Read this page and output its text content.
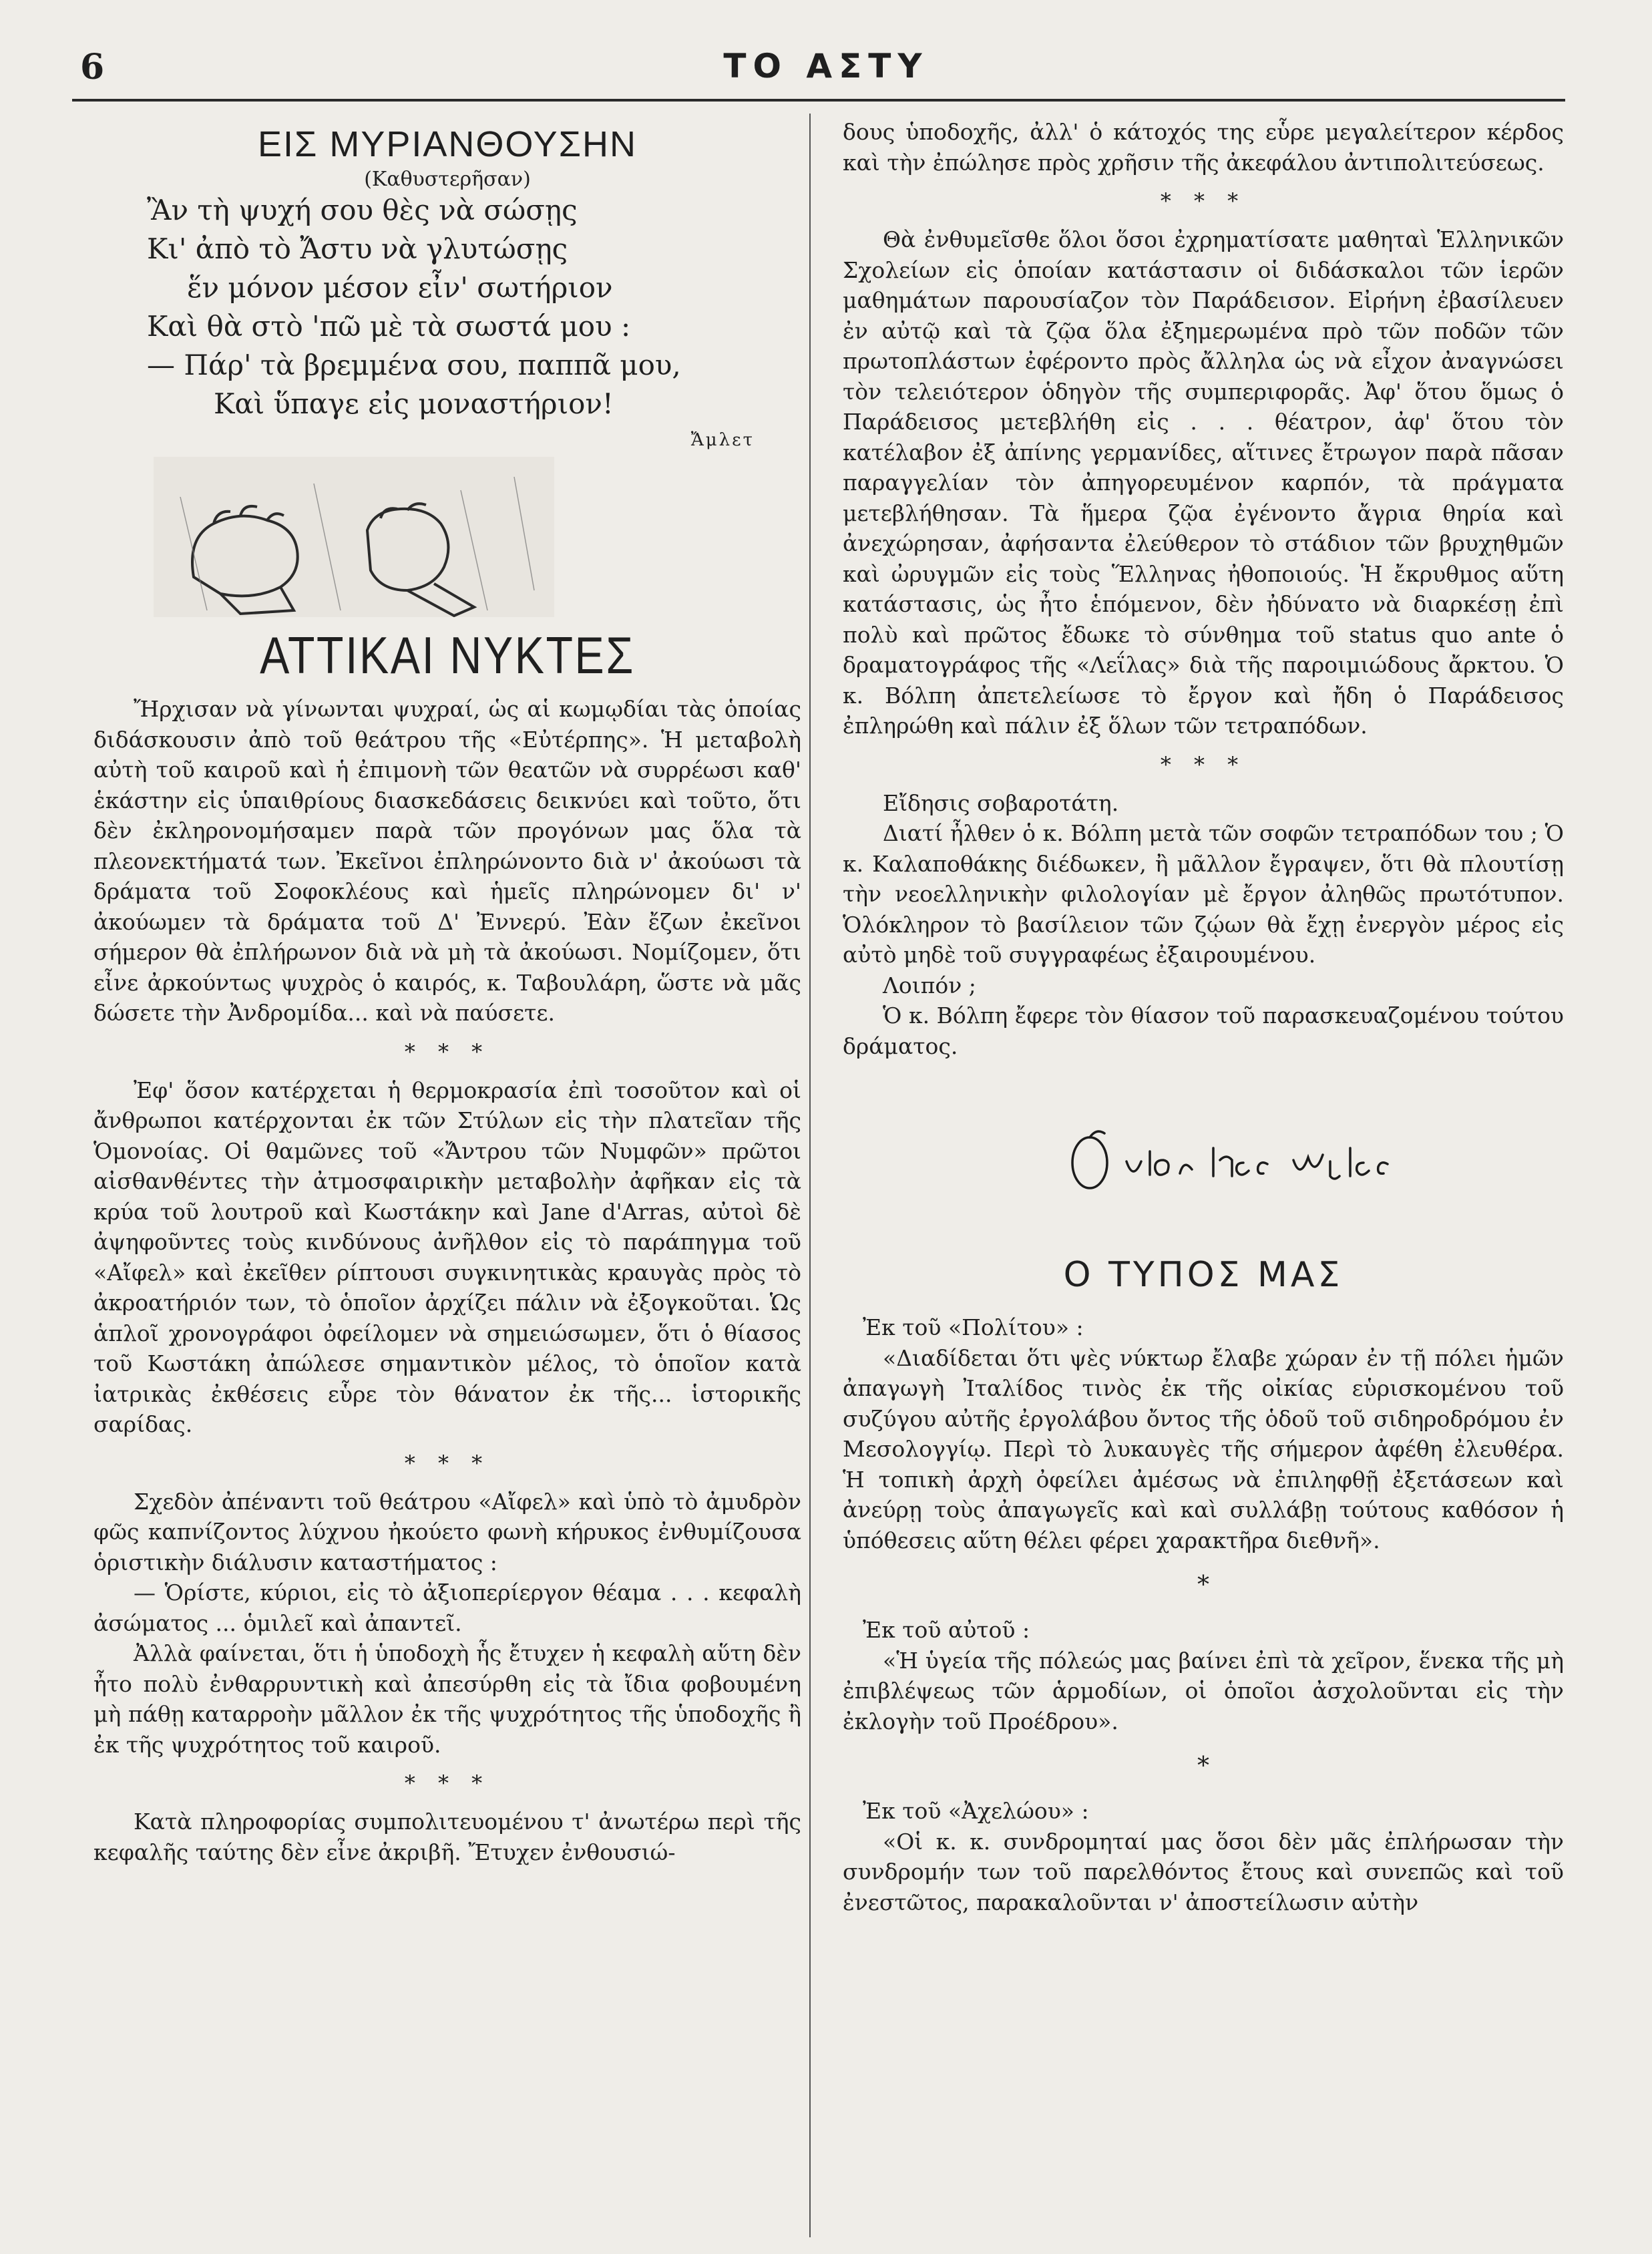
6	ΤΟ ΑΣΤΥ
ΕΙΣ ΜΥΡΙΑΝΘΟΥΣΗΝ
(Καθυστερῆσαν)
Ἂν τὴ ψυχή σου θὲς νὰ σώσῃς
Κι' ἀπὸ τὸ Ἄστυ νὰ γλυτώσῃς
ἕν μόνον μέσον εἶν' σωτήριον
Καὶ θὰ στὸ 'πῶ μὲ τὰ σωστά μου :
— Πάρ' τὰ βρεμμένα σου, παππᾶ μου,
Καὶ ὕπαγε εἰς μοναστήριον!
Ἄμλετ
ΑΤΤΙΚΑΙ ΝΥΚΤΕΣ

Ἤρχισαν νὰ γίνωνται ψυχραί, ὡς αἱ κωμῳδίαι τὰς ὁποίας διδάσκουσιν ἀπὸ τοῦ θεάτρου τῆς «Εὐτέρπης». Ἡ μεταβολὴ αὐτὴ τοῦ καιροῦ καὶ ἡ ἐπιμονὴ τῶν θεατῶν νὰ συρρέωσι καθ' ἑκάστην εἰς ὑπαιθρίους διασκεδάσεις δεικνύει καὶ τοῦτο, ὅτι δὲν ἐκληρονομήσαμεν παρὰ τῶν προγόνων μας ὅλα τὰ πλεονεκτήματά των. Ἐκεῖνοι ἐπληρώνοντο διὰ ν' ἀκούωσι τὰ δράματα τοῦ Σοφοκλέους καὶ ἡμεῖς πληρώνομεν δι' ν' ἀκούωμεν τὰ δράματα τοῦ Δ' Ἐννερύ. Ἐὰν ἔζων ἐκεῖνοι σήμερον θὰ ἐπλήρωνον διὰ νὰ μὴ τὰ ἀκούωσι. Νομίζομεν, ὅτι εἶνε ἀρκούντως ψυχρὸς ὁ καιρός, κ. Ταβουλάρη, ὥστε νὰ μᾶς δώσετε τὴν Ἀνδρομίδα... καὶ νὰ παύσετε.

* * *

Ἐφ' ὅσον κατέρχεται ἡ θερμοκρασία ἐπὶ τοσοῦτον καὶ οἱ ἄνθρωποι κατέρχονται ἐκ τῶν Στύλων εἰς τὴν πλατεῖαν τῆς Ὁμονοίας. Οἱ θαμῶνες τοῦ «Ἄντρου τῶν Νυμφῶν» πρῶτοι αἰσθανθέντες τὴν ἀτμοσφαιρικὴν μεταβολὴν ἀφῆκαν εἰς τὰ κρύα τοῦ λουτροῦ καὶ Κωστάκην καὶ Jane d'Arras, αὐτοὶ δὲ ἀψηφοῦντες τοὺς κινδύνους ἀνῆλθον εἰς τὸ παράπηγμα τοῦ «Αἴφελ» καὶ ἐκεῖθεν ρίπτουσι συγκινητικὰς κραυγὰς πρὸς τὸ ἀκροατήριόν των, τὸ ὁποῖον ἀρχίζει πάλιν νὰ ἐξογκοῦται. Ὡς ἁπλοῖ χρονογράφοι ὀφείλομεν νὰ σημειώσωμεν, ὅτι ὁ θίασος τοῦ Κωστάκη ἀπώλεσε σημαντικὸν μέλος, τὸ ὁποῖον κατὰ ἰατρικὰς ἐκθέσεις εὗρε τὸν θάνατον ἐκ τῆς... ἱστορικῆς σαρίδας.

* * *

Σχεδὸν ἀπέναντι τοῦ θεάτρου «Αἴφελ» καὶ ὑπὸ τὸ ἀμυδρὸν φῶς καπνίζοντος λύχνου ἠκούετο φωνὴ κήρυκος ἐνθυμίζουσα ὁριστικὴν διάλυσιν καταστήματος :

— Ὁρίστε, κύριοι, εἰς τὸ ἀξιοπερίεργον θέαμα . . . κεφαλὴ ἀσώματος ... ὁμιλεῖ καὶ ἀπαντεῖ.

Ἀλλὰ φαίνεται, ὅτι ἡ ὑποδοχὴ ἧς ἔτυχεν ἡ κεφαλὴ αὕτη δὲν ἦτο πολὺ ἐνθαρρυντικὴ καὶ ἀπεσύρθη εἰς τὰ ἴδια φοβουμένη μὴ πάθῃ καταρροὴν μᾶλλον ἐκ τῆς ψυχρότητος τῆς ὑποδοχῆς ἢ ἐκ τῆς ψυχρότητος τοῦ καιροῦ.

* * *

Κατὰ πληροφορίας συμπολιτευομένου τ' ἀνωτέρω περὶ τῆς κεφαλῆς ταύτης δὲν εἶνε ἀκριβῆ. Ἔτυχεν ἐνθουσιώ-

δους ὑποδοχῆς, ἀλλ' ὁ κάτοχός της εὗρε μεγαλείτερον κέρδος καὶ τὴν ἐπώλησε πρὸς χρῆσιν τῆς ἀκεφάλου ἀντιπολιτεύσεως.

* * *

Θὰ ἐνθυμεῖσθε ὅλοι ὅσοι ἐχρηματίσατε μαθηταὶ Ἑλληνικῶν Σχολείων εἰς ὁποίαν κατάστασιν οἱ διδάσκαλοι τῶν ἱερῶν μαθημάτων παρουσίαζον τὸν Παράδεισον. Εἰρήνη ἐβασίλευεν ἐν αὐτῷ καὶ τὰ ζῷα ὅλα ἐξημερωμένα πρὸ τῶν ποδῶν τῶν πρωτοπλάστων ἐφέροντο πρὸς ἄλληλα ὡς νὰ εἶχον ἀναγνώσει τὸν τελειότερον ὁδηγὸν τῆς συμπεριφορᾶς. Ἀφ' ὅτου ὅμως ὁ Παράδεισος μετεβλήθη εἰς . . . θέατρον, ἀφ' ὅτου τὸν κατέλαβον ἐξ ἀπίνης γερμανίδες, αἵτινες ἔτρωγον παρὰ πᾶσαν παραγγελίαν τὸν ἀπηγορευμένον καρπόν, τὰ πράγματα μετεβλήθησαν. Τὰ ἥμερα ζῷα ἐγένοντο ἄγρια θηρία καὶ ἀνεχώρησαν, ἀφήσαντα ἐλεύθερον τὸ στάδιον τῶν βρυχηθμῶν καὶ ὠρυγμῶν εἰς τοὺς Ἕλληνας ἠθοποιούς. Ἡ ἔκρυθμος αὕτη κατάστασις, ὡς ἦτο ἑπόμενον, δὲν ἠδύνατο νὰ διαρκέσῃ ἐπὶ πολὺ καὶ πρῶτος ἔδωκε τὸ σύνθημα τοῦ status quo ante ὁ δραματογράφος τῆς «Λεΐλας» διὰ τῆς παροιμιώδους ἄρκτου. Ὁ κ. Βόλπη ἀπετελείωσε τὸ ἔργον καὶ ἤδη ὁ Παράδεισος ἐπληρώθη καὶ πάλιν ἐξ ὅλων τῶν τετραπόδων.

* * *

Εἴδησις σοβαροτάτη.

Διατί ἦλθεν ὁ κ. Βόλπη μετὰ τῶν σοφῶν τετραπόδων του ; Ὁ κ. Καλαποθάκης διέδωκεν, ἢ μᾶλλον ἔγραψεν, ὅτι θὰ πλουτίσῃ τὴν νεοελληνικὴν φιλολογίαν μὲ ἔργον ἀληθῶς πρωτότυπον. Ὁλόκληρον τὸ βασίλειον τῶν ζῴων θὰ ἔχῃ ἐνεργὸν μέρος εἰς αὐτὸ μηδὲ τοῦ συγγραφέως ἐξαιρουμένου.

Λοιπόν ;

Ὁ κ. Βόλπη ἔφερε τὸν θίασον τοῦ παρασκευαζομένου τούτου δράματος.

Ο ΤΥΠΟΣ ΜΑΣ
Ἐκ τοῦ «Πολίτου» :

«Διαδίδεται ὅτι ψὲς νύκτωρ ἔλαβε χώραν ἐν τῇ πόλει ἡμῶν ἀπαγωγὴ Ἰταλίδος τινὸς ἐκ τῆς οἰκίας εὑρισκομένου τοῦ συζύγου αὐτῆς ἐργολάβου ὄντος τῆς ὁδοῦ τοῦ σιδηροδρόμου ἐν Μεσολογγίῳ. Περὶ τὸ λυκαυγὲς τῆς σήμερον ἀφέθη ἐλευθέρα. Ἡ τοπικὴ ἀρχὴ ὀφείλει ἀμέσως νὰ ἐπιληφθῇ ἐξετάσεων καὶ ἀνεύρῃ τοὺς ἀπαγωγεῖς καὶ καὶ συλλάβῃ τούτους καθόσον ἡ ὑπόθεσεις αὕτη θέλει φέρει χαρακτῆρα διεθνῆ».

*
Ἐκ τοῦ αὐτοῦ :

«Ἡ ὑγεία τῆς πόλεώς μας βαίνει ἐπὶ τὰ χεῖρον, ἕνεκα τῆς μὴ ἐπιβλέψεως τῶν ἁρμοδίων, οἱ ὁποῖοι ἀσχολοῦνται εἰς τὴν ἐκλογὴν τοῦ Προέδρου».

*
Ἐκ τοῦ «Ἀχελώου» :

«Οἱ κ. κ. συνδρομηταί μας ὅσοι δὲν μᾶς ἐπλήρωσαν τὴν συνδρομήν των τοῦ παρελθόντος ἔτους καὶ συνεπῶς καὶ τοῦ ἐνεστῶτος, παρακαλοῦνται ν' ἀποστείλωσιν αὐτὴν
